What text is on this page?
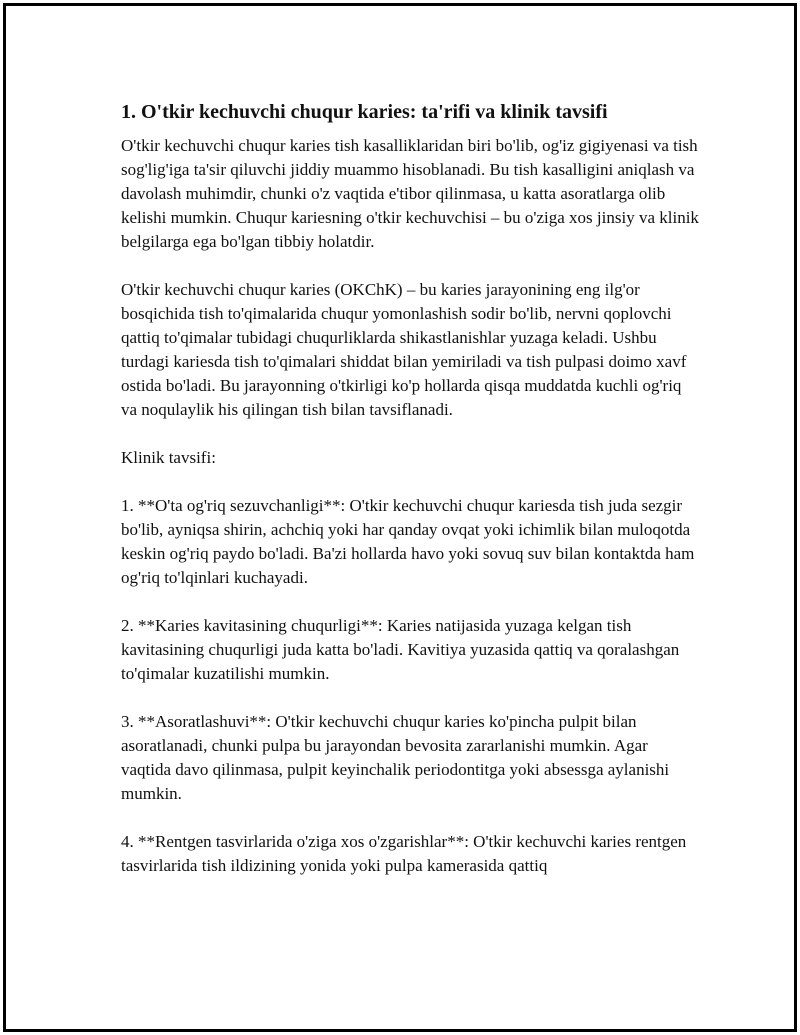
1. O'tkir kechuvchi chuqur karies: ta'rifi va klinik tavsifi

O'tkir kechuvchi chuqur karies tish kasalliklaridan biri bo'lib, og'iz gigiyenasi va tish sog'lig'iga ta'sir qiluvchi jiddiy muammo hisoblanadi. Bu tish kasalligini aniqlash va davolash muhimdir, chunki o'z vaqtida e'tibor qilinmasa, u katta asoratlarga olib kelishi mumkin. Chuqur kariesning o'tkir kechuvchisi – bu o'ziga xos jinsiy va klinik belgilarga ega bo'lgan tibbiy holatdir.

O'tkir kechuvchi chuqur karies (OKChK) – bu karies jarayonining eng ilg'or bosqichida tish to'qimalarida chuqur yomonlashish sodir bo'lib, nervni qoplovchi qattiq to'qimalar tubidagi chuqurliklarda shikastlanishlar yuzaga keladi. Ushbu turdagi kariesda tish to'qimalari shiddat bilan yemiriladi va tish pulpasi doimo xavf ostida bo'ladi. Bu jarayonning o'tkirligi ko'p hollarda qisqa muddatda kuchli og'riq va noqulaylik his qilingan tish bilan tavsiflanadi.

Klinik tavsifi:

1. **O'ta og'riq sezuvchanligi**: O'tkir kechuvchi chuqur kariesda tish juda sezgir bo'lib, ayniqsa shirin, achchiq yoki har qanday ovqat yoki ichimlik bilan muloqotda keskin og'riq paydo bo'ladi. Ba'zi hollarda havo yoki sovuq suv bilan kontaktda ham og'riq to'lqinlari kuchayadi.

2. **Karies kavitasining chuqurligi**: Karies natijasida yuzaga kelgan tish kavitasining chuqurligi juda katta bo'ladi. Kavitiya yuzasida qattiq va qoralashgan to'qimalar kuzatilishi mumkin.

3. **Asoratlashuvi**: O'tkir kechuvchi chuqur karies ko'pincha pulpit bilan asoratlanadi, chunki pulpa bu jarayondan bevosita zararlanishi mumkin. Agar vaqtida davo qilinmasa, pulpit keyinchalik periodontitga yoki absessga aylanishi mumkin.

4. **Rentgen tasvirlarida o'ziga xos o'zgarishlar**: O'tkir kechuvchi karies rentgen tasvirlarida tish ildizining yonida yoki pulpa kamerasida qattiq
